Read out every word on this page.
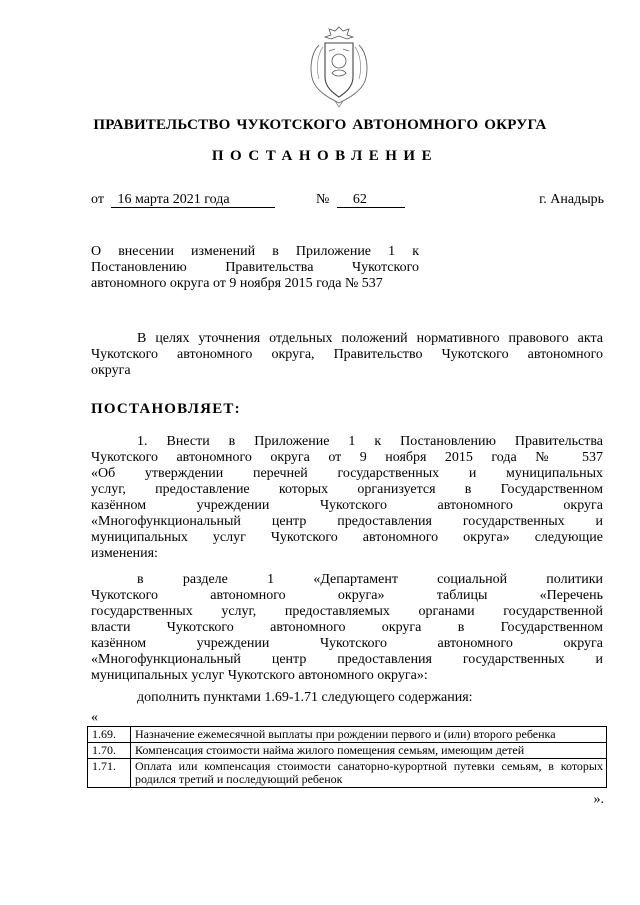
ПРАВИТЕЛЬСТВО ЧУКОТСКОГО АВТОНОМНОГО ОКРУГА
ПОСТАНОВЛЕНИЕ
от 16 марта 2021 года	№ 62	г. Анадырь
О внесении изменений в Приложение 1 к
Постановлению Правительства Чукотского
автономного округа от 9 ноября 2015 года № 537
В целях уточнения отдельных положений нормативного правового акта
Чукотского автономного округа, Правительство Чукотского автономного
округа
ПОСТАНОВЛЯЕТ:
1. Внести в Приложение 1 к Постановлению Правительства
Чукотского автономного округа от 9 ноября 2015 года № 537
«Об утверждении перечней государственных и муниципальных
услуг, предоставление которых организуется в Государственном
казённом учреждении Чукотского автономного округа
«Многофункциональный центр предоставления государственных и
муниципальных услуг Чукотского автономного округа» следующие
изменения:
в разделе 1 «Департамент социальной политики
Чукотского автономного округа» таблицы «Перечень
государственных услуг, предоставляемых органами государственной
власти Чукотского автономного округа в Государственном
казённом учреждении Чукотского автономного округа
«Многофункциональный центр предоставления государственных и
муниципальных услуг Чукотского автономного округа»:
дополнить пунктами 1.69-1.71 следующего содержания:
«
1.69.	Назначение ежемесячной выплаты при рождении первого и (или) второго ребенка
1.70.	Компенсация стоимости найма жилого помещения семьям, имеющим детей
1.71.	Оплата или компенсация стоимости санаторно-курортной путевки семьям, в которых родился третий и последующий ребенок
».
